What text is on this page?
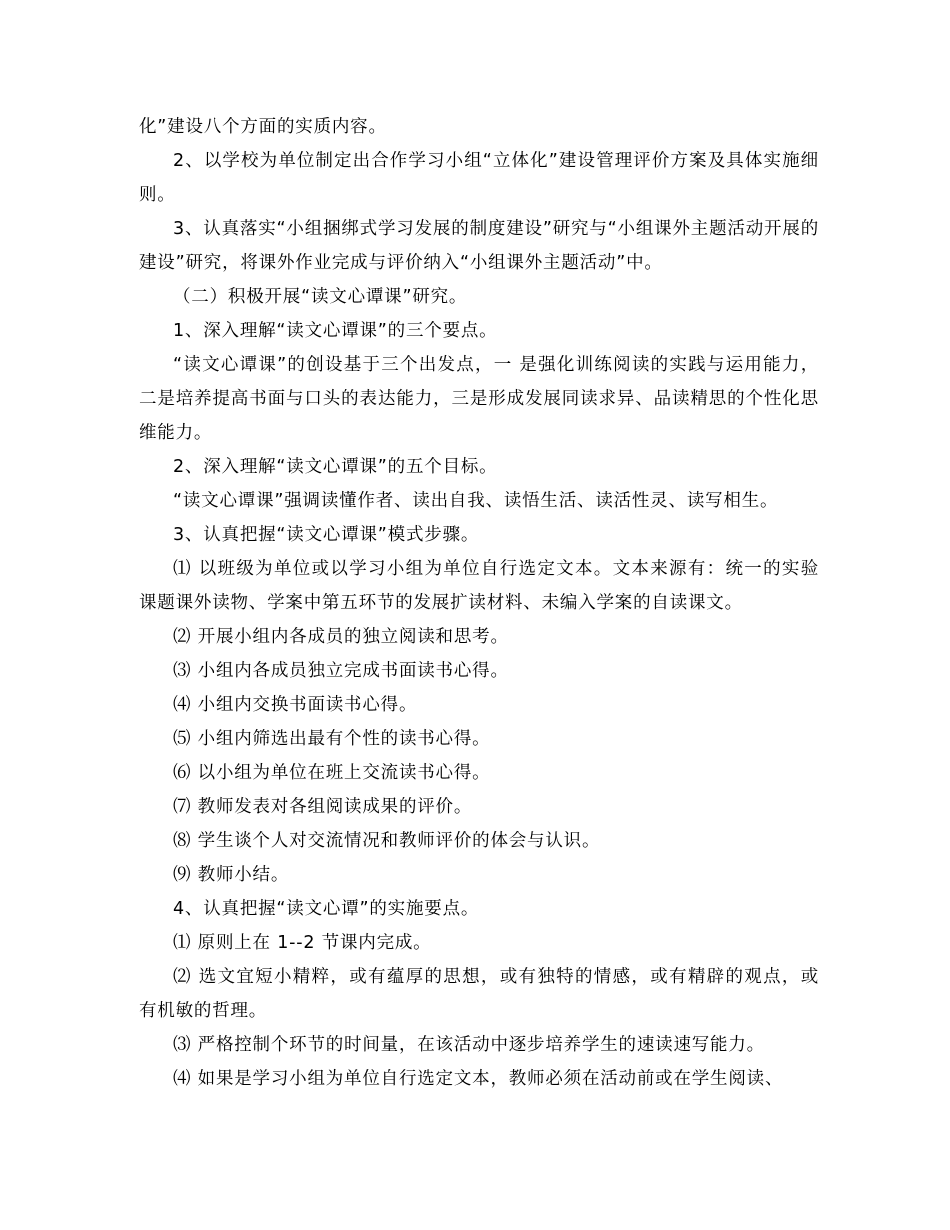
化”建设八个方面的实质内容。

2、以学校为单位制定出合作学习小组“立体化”建设管理评价方案及具体实施细则。

3、认真落实“小组捆绑式学习发展的制度建设”研究与“小组课外主题活动开展的建设”研究，将课外作业完成与评价纳入“小组课外主题活动”中。

（二）积极开展“读文心谭课”研究。

1、深入理解“读文心谭课”的三个要点。

“读文心谭课”的创设基于三个出发点，一 是强化训练阅读的实践与运用能力，二是培养提高书面与口头的表达能力，三是形成发展同读求异、品读精思的个性化思维能力。

2、深入理解“读文心谭课”的五个目标。

“读文心谭课”强调读懂作者、读出自我、读悟生活、读活性灵、读写相生。

3、认真把握“读文心谭课”模式步骤。

⑴ 以班级为单位或以学习小组为单位自行选定文本。文本来源有：统一的实验课题课外读物、学案中第五环节的发展扩读材料、未编入学案的自读课文。

⑵ 开展小组内各成员的独立阅读和思考。

⑶ 小组内各成员独立完成书面读书心得。

⑷ 小组内交换书面读书心得。

⑸ 小组内筛选出最有个性的读书心得。

⑹ 以小组为单位在班上交流读书心得。

⑺ 教师发表对各组阅读成果的评价。

⑻ 学生谈个人对交流情况和教师评价的体会与认识。

⑼ 教师小结。

4、认真把握“读文心谭”的实施要点。

⑴ 原则上在 1--2 节课内完成。

⑵ 选文宜短小精粹，或有蕴厚的思想，或有独特的情感，或有精辟的观点，或有机敏的哲理。

⑶ 严格控制个环节的时间量，在该活动中逐步培养学生的速读速写能力。

⑷ 如果是学习小组为单位自行选定文本，教师必须在活动前或在学生阅读、
